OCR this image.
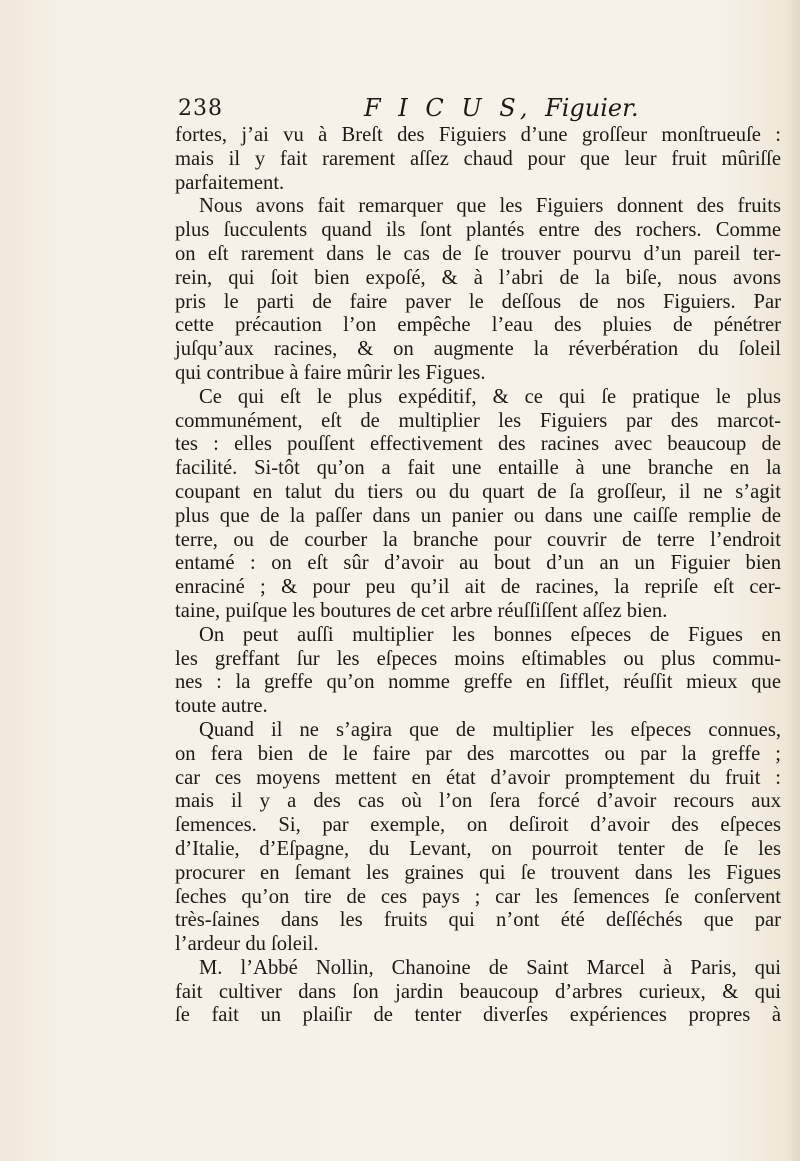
238	F I C U S, Figuier.
fortes, j’ai vu à Breſt des Figuiers d’une groſſeur monſtrueuſe :
mais il y fait rarement aſſez chaud pour que leur fruit mûriſſe
parfaitement.
Nous avons fait remarquer que les Figuiers donnent des fruits
plus ſucculents quand ils ſont plantés entre des rochers. Comme
on eſt rarement dans le cas de ſe trouver pourvu d’un pareil ter-
rein, qui ſoit bien expoſé, & à l’abri de la biſe, nous avons
pris le parti de faire paver le deſſous de nos Figuiers. Par
cette précaution l’on empêche l’eau des pluies de pénétrer
juſqu’aux racines, & on augmente la réverbération du ſoleil
qui contribue à faire mûrir les Figues.
Ce qui eſt le plus expéditif, & ce qui ſe pratique le plus
communément, eſt de multiplier les Figuiers par des marcot-
tes : elles pouſſent effectivement des racines avec beaucoup de
facilité. Si-tôt qu’on a fait une entaille à une branche en la
coupant en talut du tiers ou du quart de ſa groſſeur, il ne s’agit
plus que de la paſſer dans un panier ou dans une caiſſe remplie de
terre, ou de courber la branche pour couvrir de terre l’endroit
entamé : on eſt sûr d’avoir au bout d’un an un Figuier bien
enraciné ; & pour peu qu’il ait de racines, la repriſe eſt cer-
taine, puiſque les boutures de cet arbre réuſſiſſent aſſez bien.
On peut auſſi multiplier les bonnes eſpeces de Figues en
les greffant ſur les eſpeces moins eſtimables ou plus commu-
nes : la greffe qu’on nomme greffe en ſifflet, réuſſit mieux que
toute autre.
Quand il ne s’agira que de multiplier les eſpeces connues,
on fera bien de le faire par des marcottes ou par la greffe ;
car ces moyens mettent en état d’avoir promptement du fruit :
mais il y a des cas où l’on ſera forcé d’avoir recours aux
ſemences. Si, par exemple, on deſiroit d’avoir des eſpeces
d’Italie, d’Eſpagne, du Levant, on pourroit tenter de ſe les
procurer en ſemant les graines qui ſe trouvent dans les Figues
ſeches qu’on tire de ces pays ; car les ſemences ſe conſervent
très-ſaines dans les fruits qui n’ont été deſſéchés que par
l’ardeur du ſoleil.
M. l’Abbé Nollin, Chanoine de Saint Marcel à Paris, qui
fait cultiver dans ſon jardin beaucoup d’arbres curieux, & qui
ſe fait un plaiſir de tenter diverſes expériences propres à
